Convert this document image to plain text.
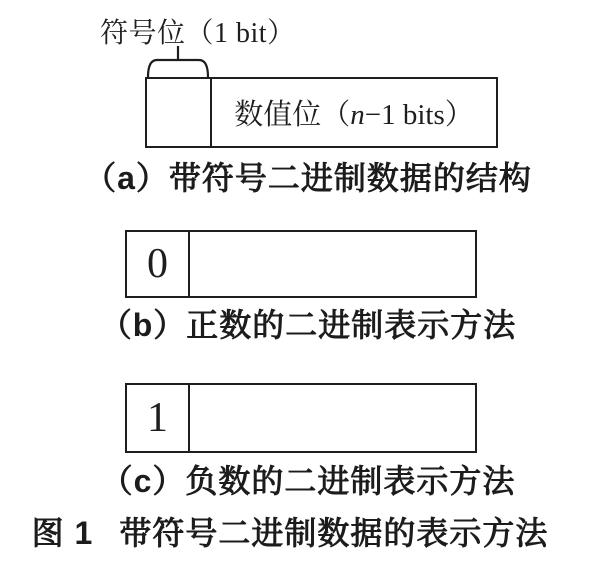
符号位（1 bit）
数值位（n−1 bits）
（a）带符号二进制数据的结构
0
（b）正数的二进制表示方法
1
（c）负数的二进制表示方法
图 1 带符号二进制数据的表示方法
